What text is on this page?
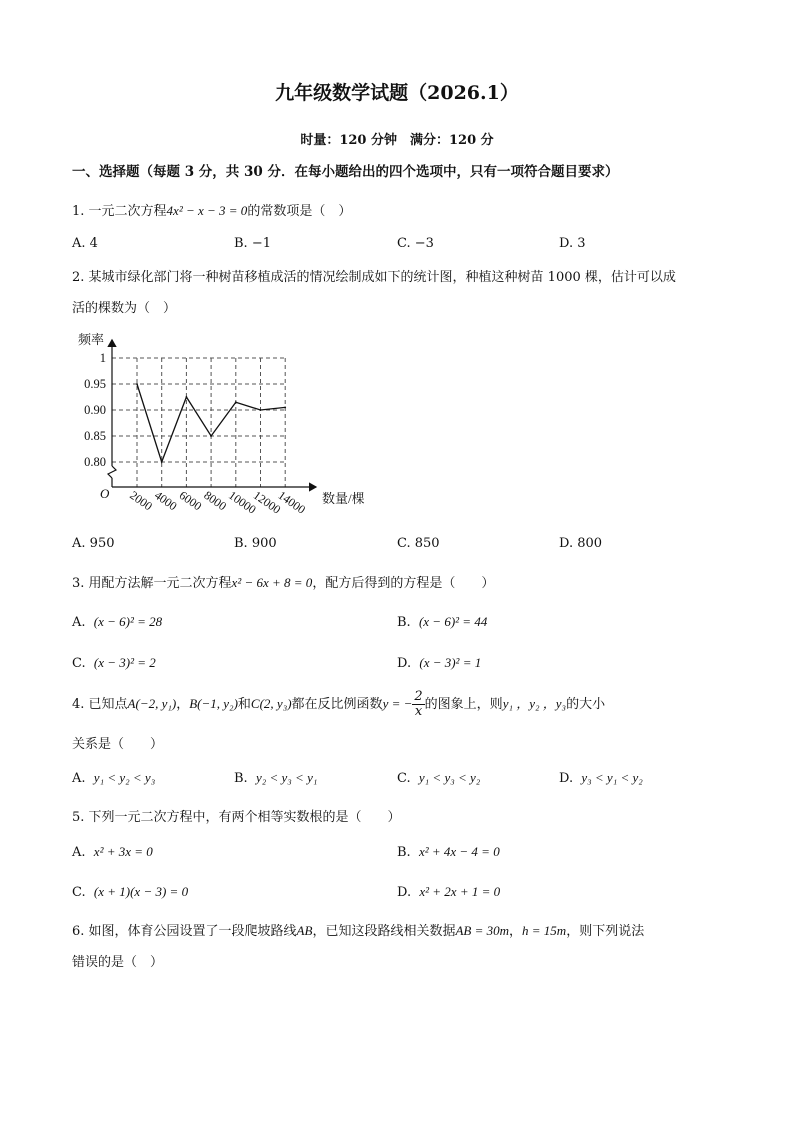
九年级数学试题（2026.1）
时量：120 分钟　满分：120 分
一、选择题（每题 3 分，共 30 分．在每小题给出的四个选项中，只有一项符合题目要求）
1. 一元二次方程4x² − x − 3 = 0的常数项是（　）
A. 4	B. −1	C. −3	D. 3
2. 某城市绿化部门将一种树苗移植成活的情况绘制成如下的统计图，种植这种树苗 1000 棵，估计可以成
活的棵数为（　）
频率
1
0.95
0.90
0.85
0.80
O 2000
4000
6000
8000
10000
12000
14000 数量/棵
A. 950	B. 900	C. 850	D. 800
3. 用配方法解一元二次方程x² − 6x + 8 = 0，配方后得到的方程是（　　）
A. (x − 6)² = 28	B. (x − 6)² = 44
C. (x − 3)² = 2	D. (x − 3)² = 1
4. 已知点A(−2, y₁)，B(−1, y₂)和C(2, y₃)都在反比例函数y = − $\frac{2}{x}$ 的图象上，则y₁ ，y₂ ，y₃的大小
关系是（　　）
A. y₁ < y₂ < y₃	B. y₂ < y₃ < y₁	C. y₁ < y₃ < y₂	D. y₃ < y₁ < y₂
5. 下列一元二次方程中，有两个相等实数根的是（　　）
A. x² + 3x = 0	B. x² + 4x − 4 = 0
C. (x + 1)(x − 3) = 0	D. x² + 2x + 1 = 0
6. 如图，体育公园设置了一段爬坡路线AB，已知这段路线相关数据AB = 30m，h = 15m，则下列说法
错误的是（　）
